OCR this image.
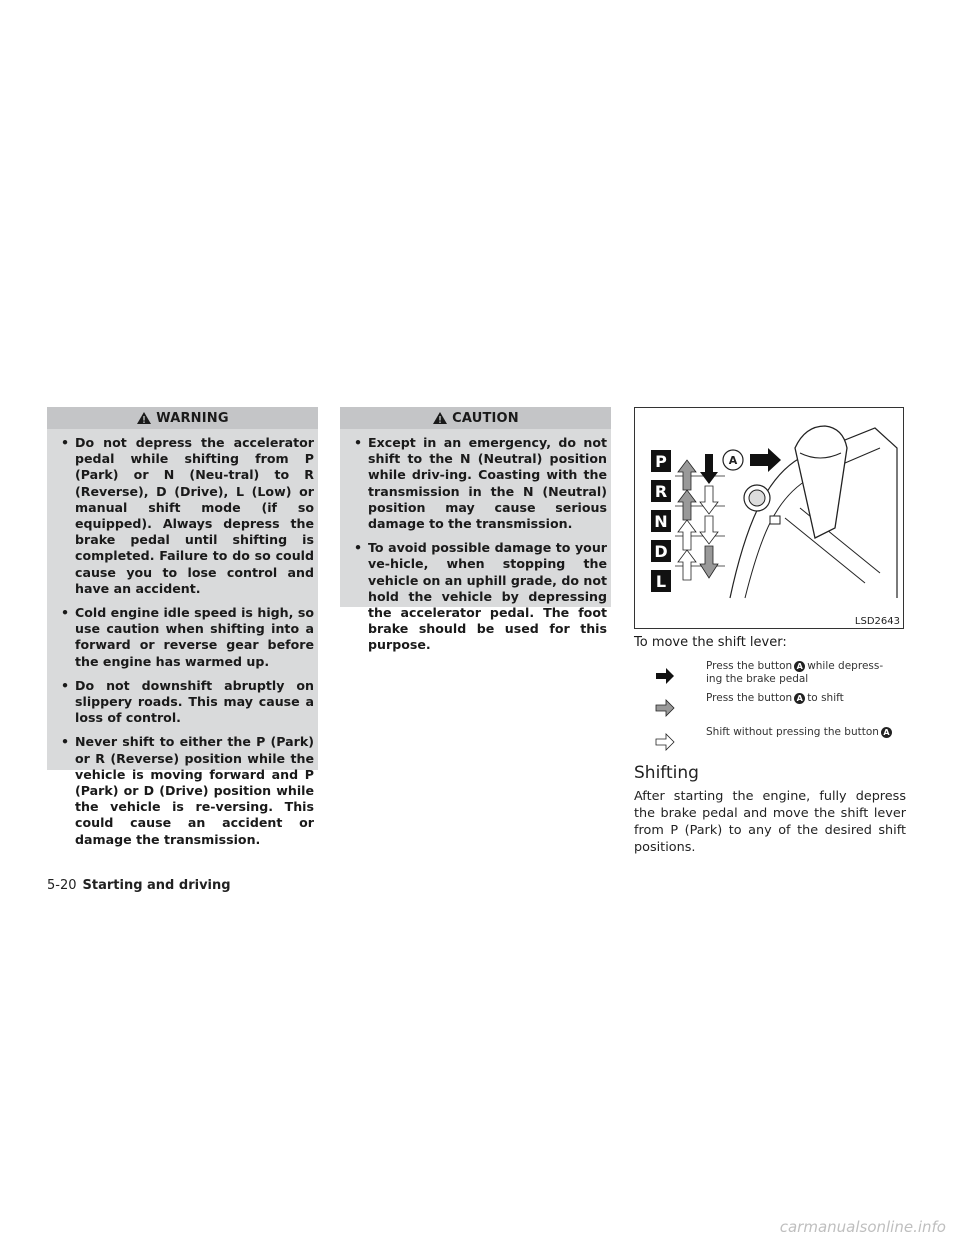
WARNING
• Do not depress the accelerator pedal while shifting from P (Park) or N (Neu-tral) to R (Reverse), D (Drive), L (Low) or manual shift mode (if so equipped). Always depress the brake pedal until shifting is completed. Failure to do so could cause you to lose control and have an accident.
• Cold engine idle speed is high, so use caution when shifting into a forward or reverse gear before the engine has warmed up.
• Do not downshift abruptly on slippery roads. This may cause a loss of control.
• Never shift to either the P (Park) or R (Reverse) position while the vehicle is moving forward and P (Park) or D (Drive) position while the vehicle is re-versing. This could cause an accident or damage the transmission.
CAUTION
• Except in an emergency, do not shift to the N (Neutral) position while driv-ing. Coasting with the transmission in the N (Neutral) position may cause serious damage to the transmission.
• To avoid possible damage to your ve-hicle, when stopping the vehicle on an uphill grade, do not hold the vehicle by depressing the accelerator pedal. The foot brake should be used for this purpose.
A
P
R
N
D
L
LSD2643
To move the shift lever:
Press the button A while depress-
ing the brake pedal
Press the button A to shift
Shift without pressing the button A
Shifting
After starting the engine, fully depress the brake pedal and move the shift lever from P (Park) to any of the desired shift positions.
5-20 Starting and driving
carmanualsonline.info
